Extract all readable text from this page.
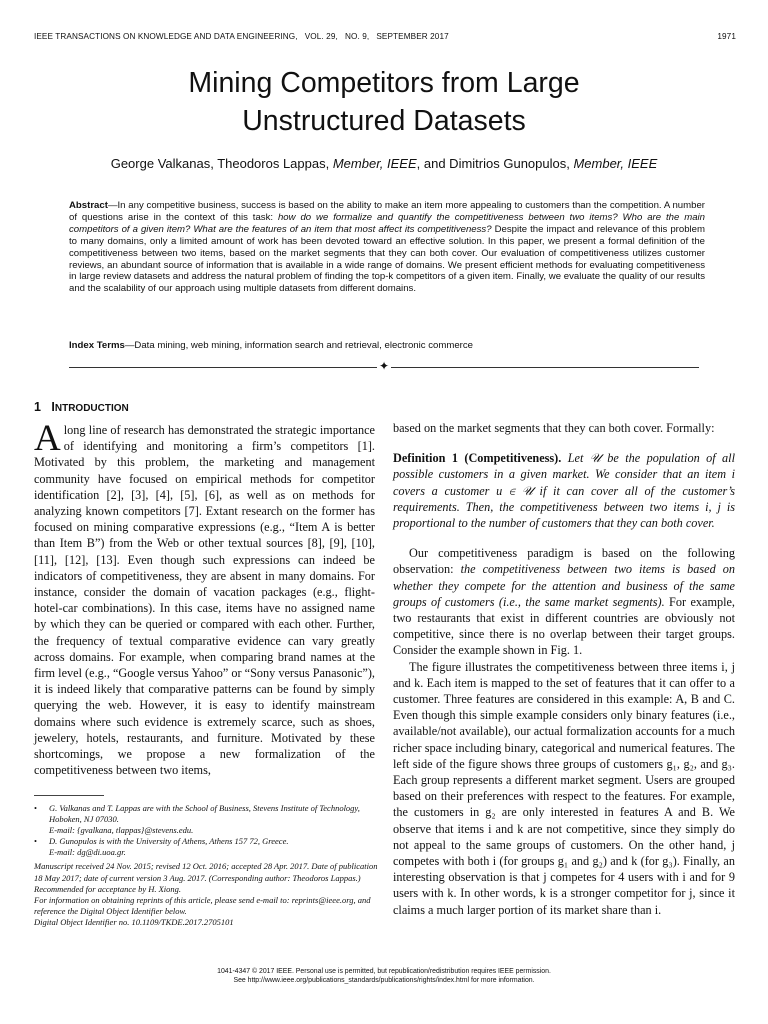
IEEE TRANSACTIONS ON KNOWLEDGE AND DATA ENGINEERING, VOL. 29, NO. 9, SEPTEMBER 2017	1971
Mining Competitors from Large
Unstructured Datasets
George Valkanas, Theodoros Lappas, Member, IEEE, and Dimitrios Gunopulos, Member, IEEE
Abstract—In any competitive business, success is based on the ability to make an item more appealing to customers than the competition. A number of questions arise in the context of this task: how do we formalize and quantify the competitiveness between two items? Who are the main competitors of a given item? What are the features of an item that most affect its competitiveness? Despite the impact and relevance of this problem to many domains, only a limited amount of work has been devoted toward an effective solution. In this paper, we present a formal definition of the competitiveness between two items, based on the market segments that they can both cover. Our evaluation of competitiveness utilizes customer reviews, an abundant source of information that is available in a wide range of domains. We present efficient methods for evaluating competitiveness in large review datasets and address the natural problem of finding the top-k competitors of a given item. Finally, we evaluate the quality of our results and the scalability of our approach using multiple datasets from different domains.
Index Terms—Data mining, web mining, information search and retrieval, electronic commerce
✦
1 INTRODUCTION
A long line of research has demonstrated the strategic importance of identifying and monitoring a firm’s competitors [1]. Motivated by this problem, the marketing and management community have focused on empirical methods for competitor identification [2], [3], [4], [5], [6], as well as on methods for analyzing known competitors [7]. Extant research on the former has focused on mining comparative expressions (e.g., “Item A is better than Item B”) from the Web or other textual sources [8], [9], [10], [11], [12], [13]. Even though such expressions can indeed be indicators of competitiveness, they are absent in many domains. For instance, consider the domain of vacation packages (e.g., flight-hotel-car combinations). In this case, items have no assigned name by which they can be queried or compared with each other. Further, the frequency of textual comparative evidence can vary greatly across domains. For example, when comparing brand names at the firm level (e.g., “Google versus Yahoo” or “Sony versus Panasonic”), it is indeed likely that comparative patterns can be found by simply querying the web. However, it is easy to identify mainstream domains where such evidence is extremely scarce, such as shoes, jewelery, hotels, restaurants, and furniture. Motivated by these shortcomings, we propose a new formalization of the competitiveness between two items,
•	G. Valkanas and T. Lappas are with the School of Business, Stevens Institute of Technology, Hoboken, NJ 07030.
E-mail: {gvalkana, tlappas}@stevens.edu.
•	D. Gunopulos is with the University of Athens, Athens 157 72, Greece.
E-mail: dg@di.uoa.gr.
Manuscript received 24 Nov. 2015; revised 12 Oct. 2016; accepted 28 Apr. 2017. Date of publication 18 May 2017; date of current version 3 Aug. 2017. (Corresponding author: Theodoros Lappas.)
Recommended for acceptance by H. Xiong.
For information on obtaining reprints of this article, please send e-mail to: reprints@ieee.org, and reference the Digital Object Identifier below.
Digital Object Identifier no. 10.1109/TKDE.2017.2705101

based on the market segments that they can both cover. Formally:

Definition 1 (Competitiveness). Let 𝒰 be the population of all possible customers in a given market. We consider that an item i covers a customer u ∈ 𝒰 if it can cover all of the customer’s requirements. Then, the competitiveness between two items i, j is proportional to the number of customers that they can both cover.

Our competitiveness paradigm is based on the following observation: the competitiveness between two items is based on whether they compete for the attention and business of the same groups of customers (i.e., the same market segments). For example, two restaurants that exist in different countries are obviously not competitive, since there is no overlap between their target groups. Consider the example shown in Fig. 1.

The figure illustrates the competitiveness between three items i, j and k. Each item is mapped to the set of features that it can offer to a customer. Three features are considered in this example: A, B and C. Even though this simple example considers only binary features (i.e., available/not available), our actual formalization accounts for a much richer space including binary, categorical and numerical features. The left side of the figure shows three groups of customers g₁, g₂, and g₃. Each group represents a different market segment. Users are grouped based on their preferences with respect to the features. For example, the customers in g₂ are only interested in features A and B. We observe that items i and k are not competitive, since they simply do not appeal to the same groups of customers. On the other hand, j competes with both i (for groups g₁ and g₂) and k (for g₃). Finally, an interesting observation is that j competes for 4 users with i and for 9 users with k. In other words, k is a stronger competitor for j, since it claims a much larger portion of its market share than i.

1041-4347 © 2017 IEEE. Personal use is permitted, but republication/redistribution requires IEEE permission.
See http://www.ieee.org/publications_standards/publications/rights/index.html for more information.
